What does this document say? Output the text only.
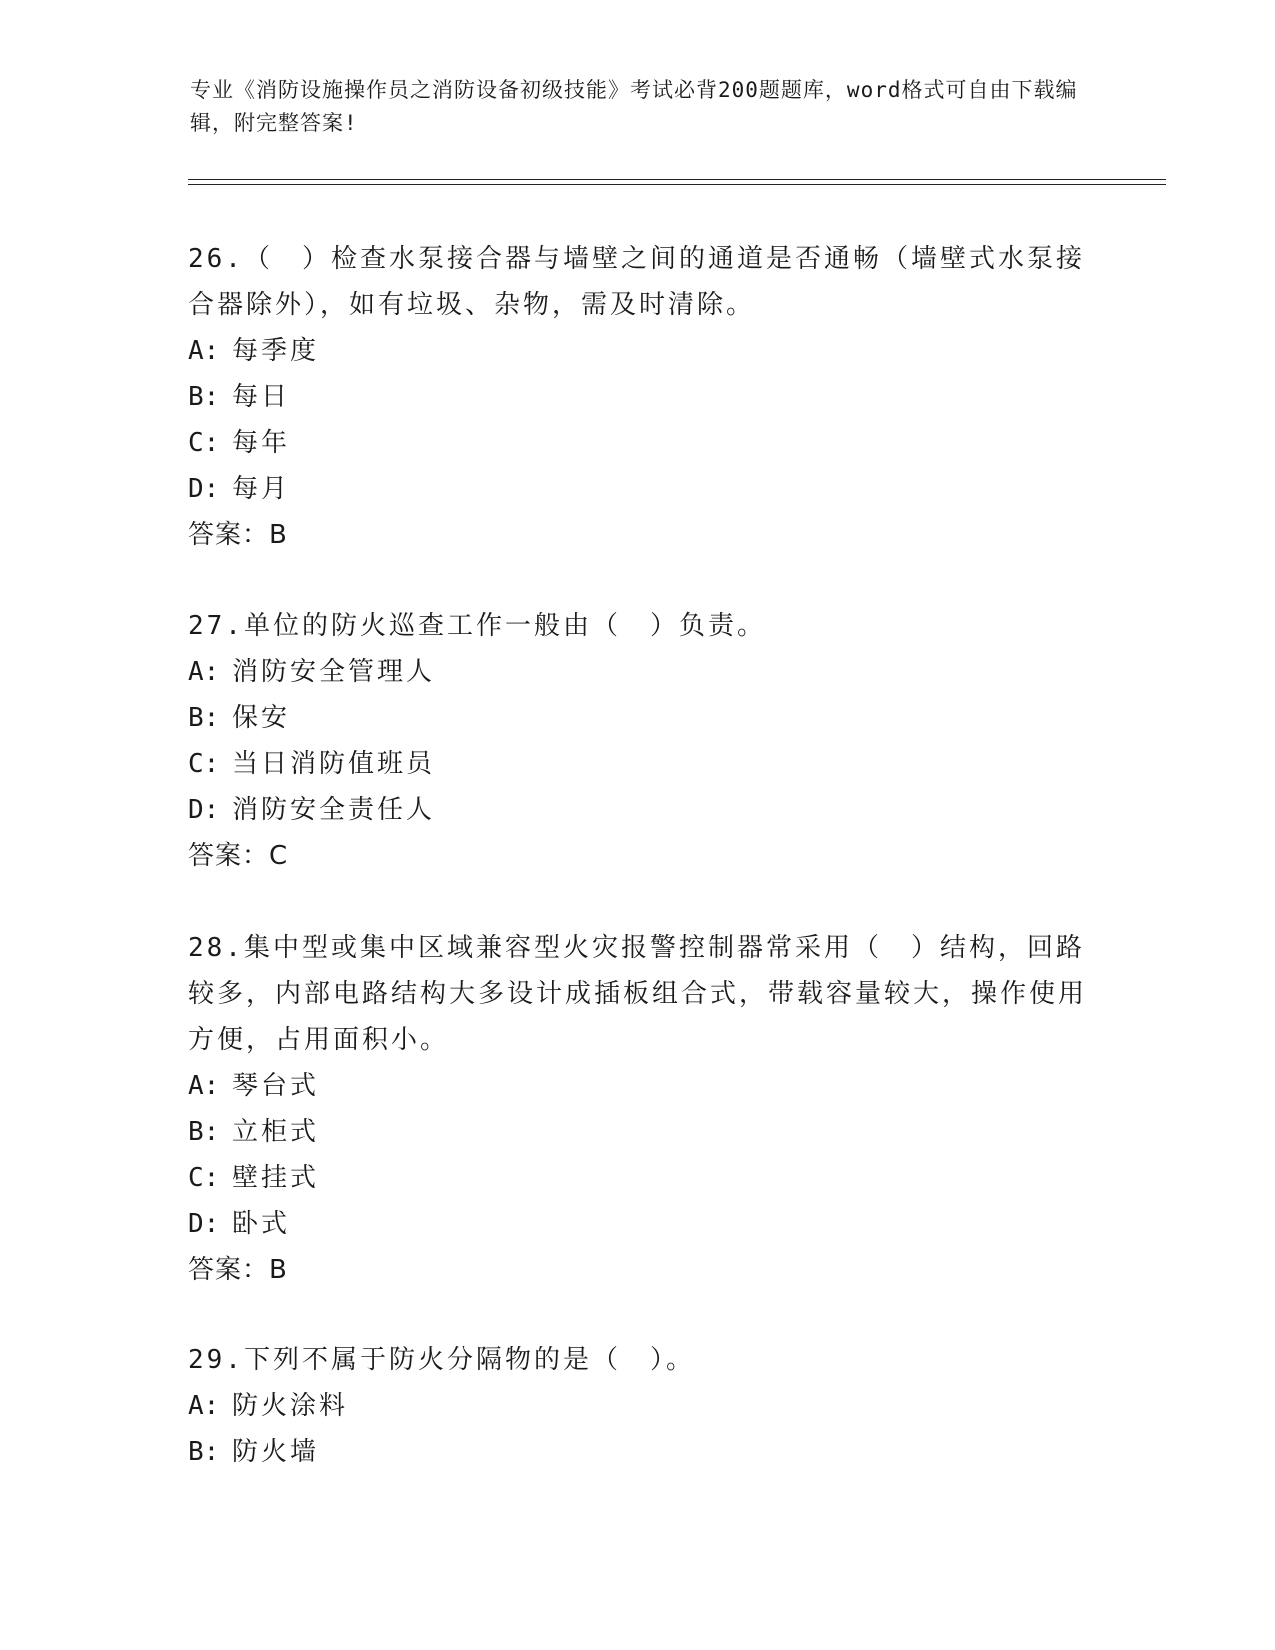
专业《消防设施操作员之消防设备初级技能》考试必背200题题库，word格式可自由下载编辑，附完整答案!

26.（　）检查水泵接合器与墙壁之间的通道是否通畅（墙壁式水泵接合器除外），如有垃圾、杂物，需及时清除。

A: 每季度
B: 每日
C: 每年
D: 每月
答案：B

27.单位的防火巡查工作一般由（　）负责。

A: 消防安全管理人
B: 保安
C: 当日消防值班员
D: 消防安全责任人
答案：C

28.集中型或集中区域兼容型火灾报警控制器常采用（　）结构，回路较多，内部电路结构大多设计成插板组合式，带载容量较大，操作使用方便，占用面积小。

A: 琴台式
B: 立柜式
C: 壁挂式
D: 卧式
答案：B

29.下列不属于防火分隔物的是（　）。

A: 防火涂料
B: 防火墙
